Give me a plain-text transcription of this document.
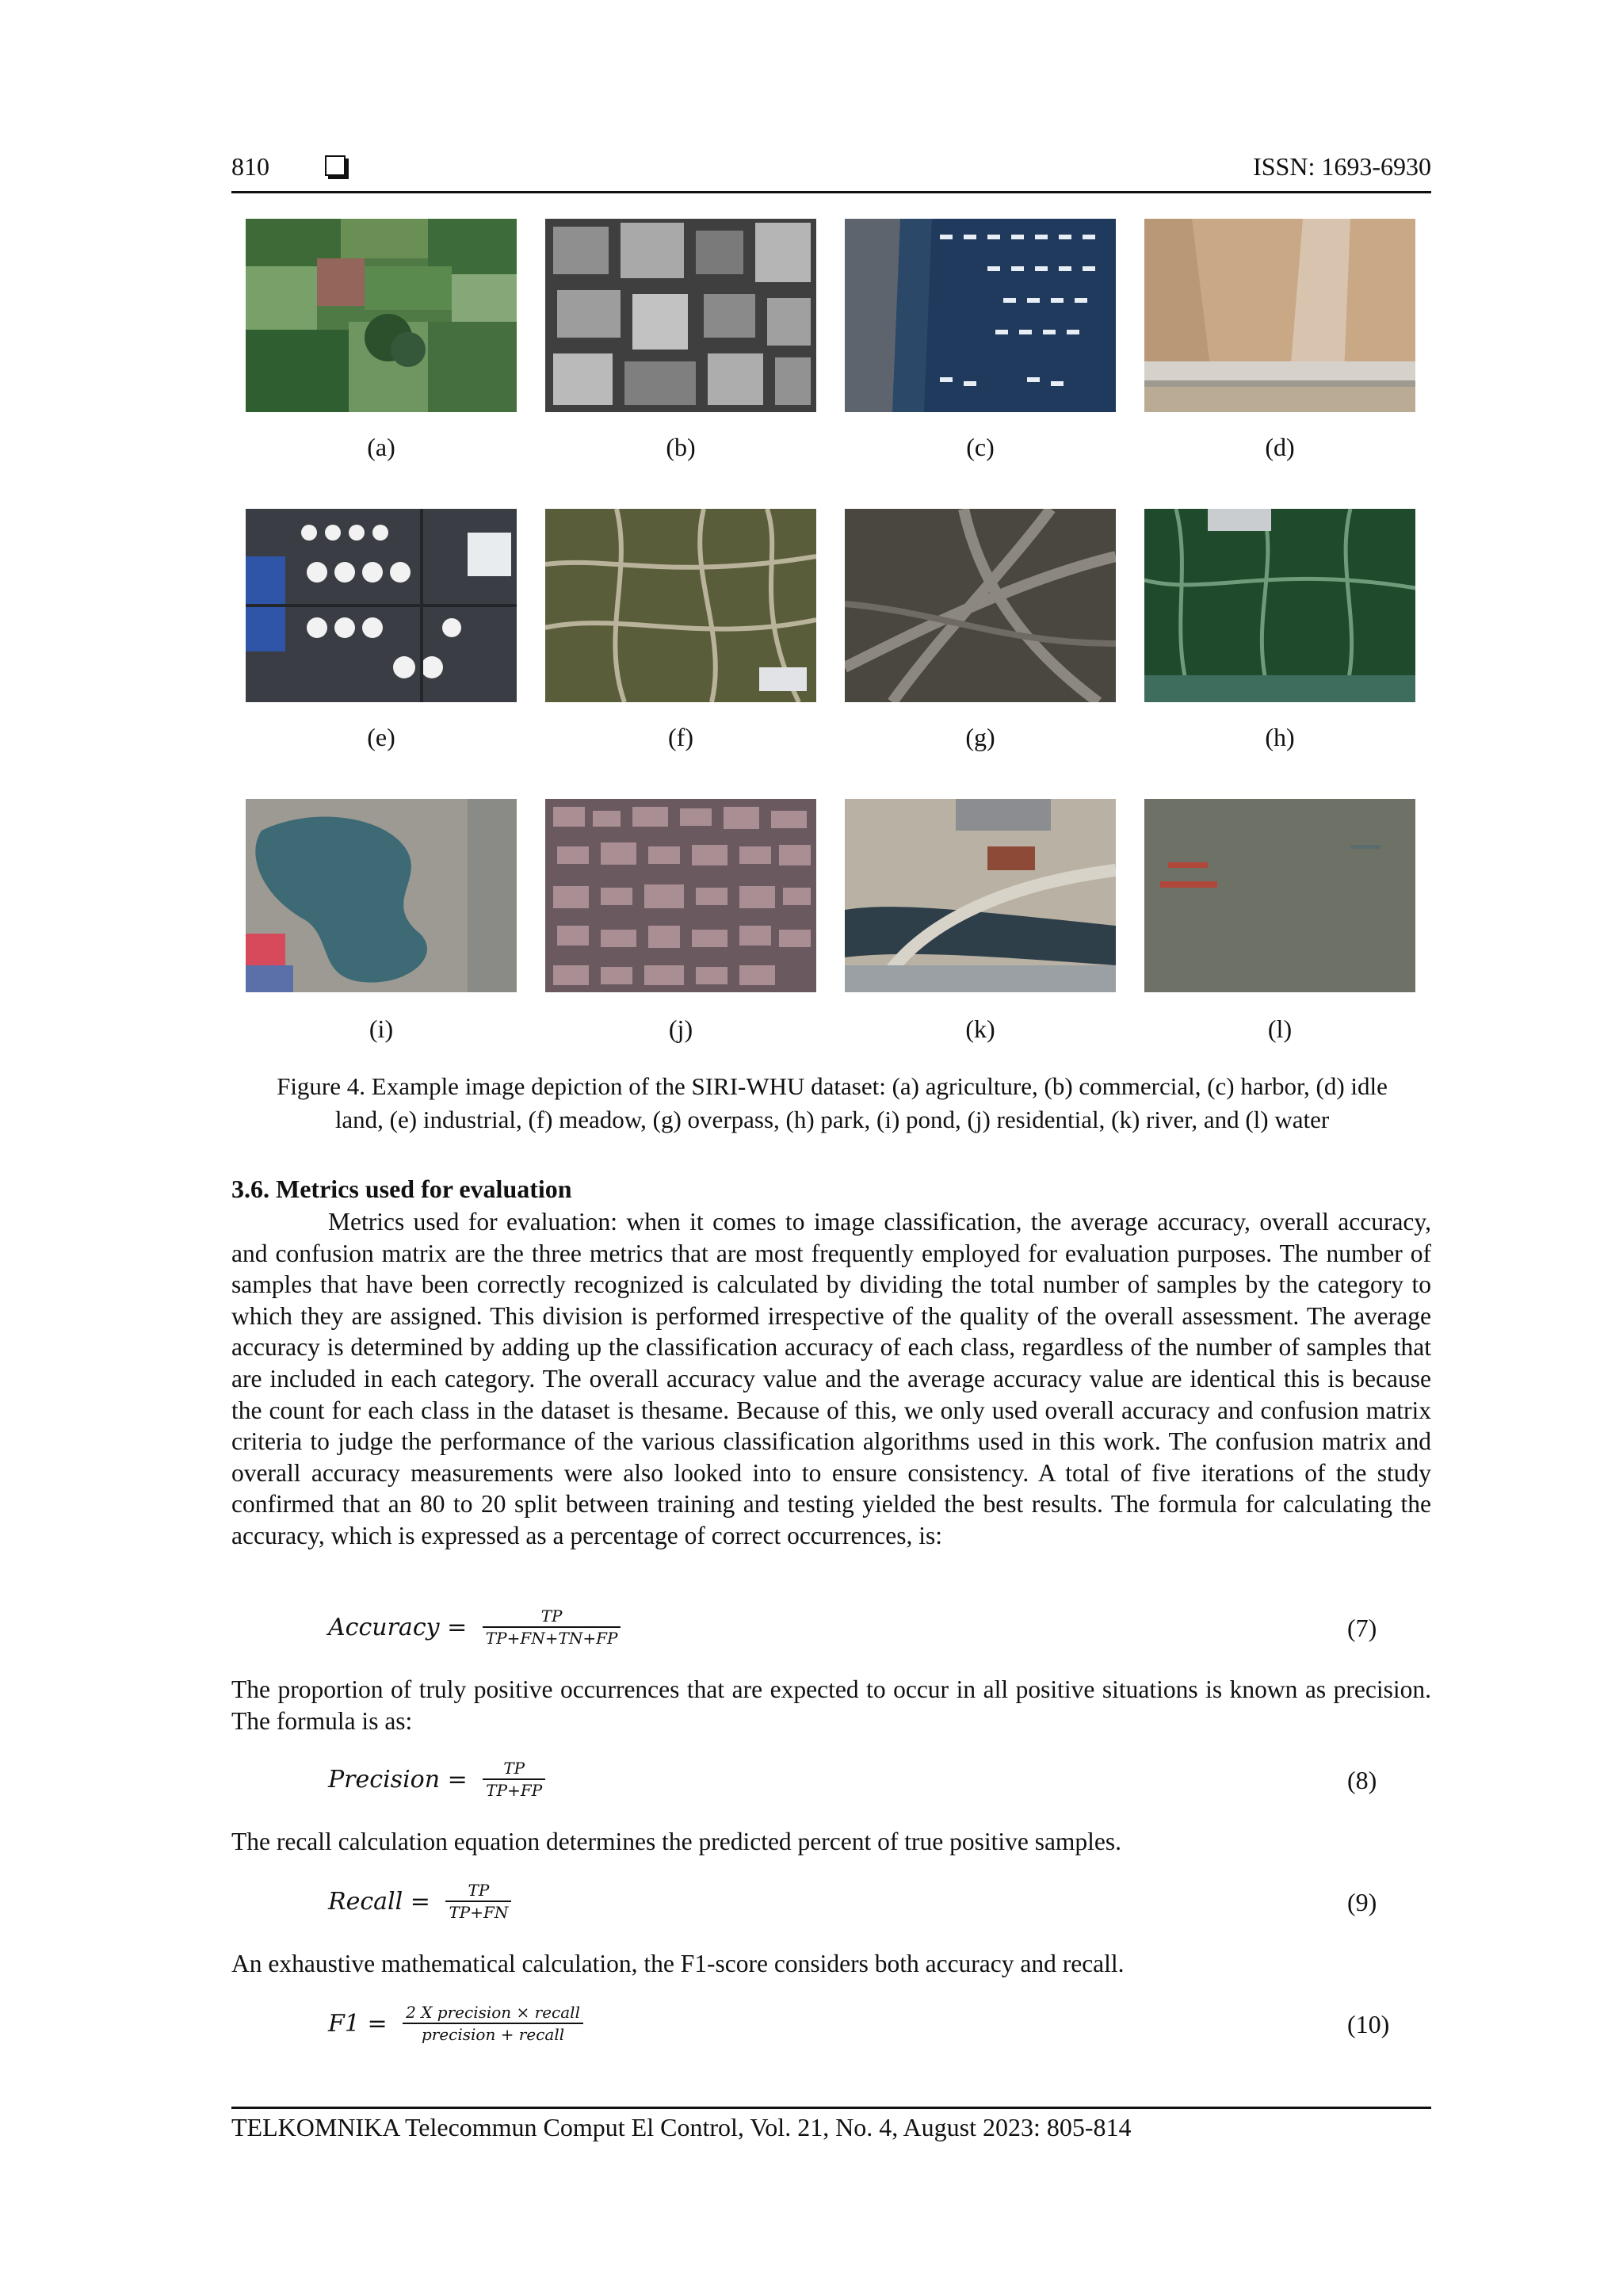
810	ISSN: 1693-6930
(a)	(b)	(c)	(d)
(e)	(f)	(g)	(h)
(i)	(j)	(k)	(l)
Figure 4. Example image depiction of the SIRI-WHU dataset: (a) agriculture, (b) commercial, (c) harbor, (d) idle
land, (e) industrial, (f) meadow, (g) overpass, (h) park, (i) pond, (j) residential, (k) river, and (l) water
3.6. Metrics used for evaluation

Metrics used for evaluation: when it comes to image classification, the average accuracy, overall accuracy, and confusion matrix are the three metrics that are most frequently employed for evaluation purposes. The number of samples that have been correctly recognized is calculated by dividing the total number of samples by the category to which they are assigned. This division is performed irrespective of the quality of the overall assessment. The average accuracy is determined by adding up the classification accuracy of each class, regardless of the number of samples that are included in each category. The overall accuracy value and the average accuracy value are identical this is because the count for each class in the dataset is thesame. Because of this, we only used overall accuracy and confusion matrix criteria to judge the performance of the various classification algorithms used in this work. The confusion matrix and overall accuracy measurements were also looked into to ensure consistency. A total of five iterations of the study confirmed that an 80 to 20 split between training and testing yielded the best results. The formula for calculating the accuracy, which is expressed as a percentage of correct occurrences, is:

Accuracy = $\frac{TP}{TP+FN+TN+FP}$	(7)

The proportion of truly positive occurrences that are expected to occur in all positive situations is known as precision. The formula is as:

Precision = $\frac{TP}{TP+FP}$	(8)

The recall calculation equation determines the predicted percent of true positive samples.

Recall = $\frac{TP}{TP+FN}$	(9)

An exhaustive mathematical calculation, the F1-score considers both accuracy and recall.

$F1 = \frac{\text{2 X precision × recall}}{\text{precision + recall}}$	(10)
TELKOMNIKA Telecommun Comput El Control, Vol. 21, No. 4, August 2023: 805-814
